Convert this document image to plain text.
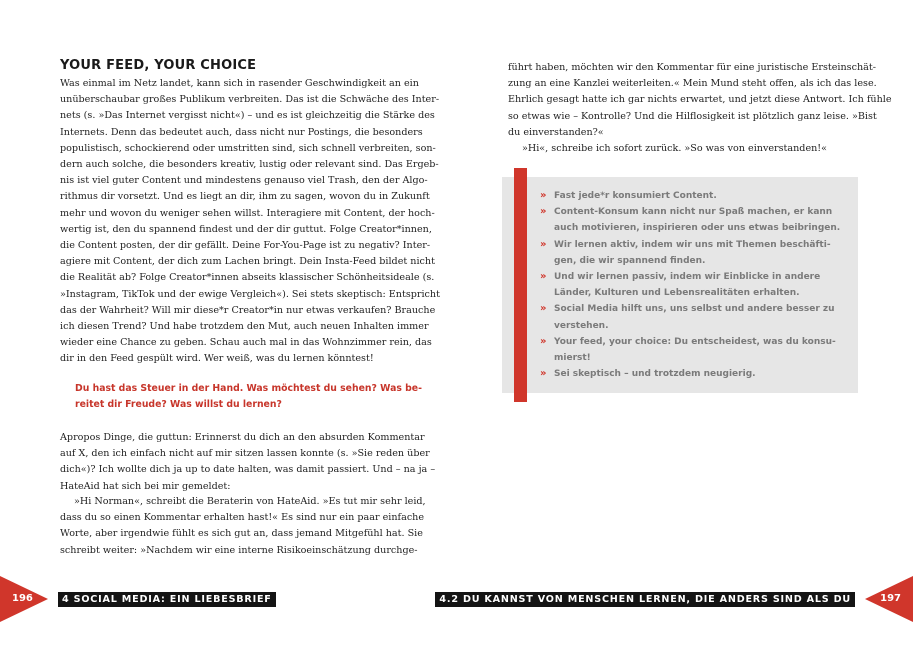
YOUR FEED, YOUR CHOICE

Was einmal im Netz landet, kann sich in rasender Geschwindigkeit an ein
unüberschaubar großes Publikum verbreiten. Das ist die Schwäche des Inter-
nets (s. »Das Internet vergisst nicht«) – und es ist gleichzeitig die Stärke des
Internets. Denn das bedeutet auch, dass nicht nur Postings, die besonders
populistisch, schockierend oder umstritten sind, sich schnell verbreiten, son-
dern auch solche, die besonders kreativ, lustig oder relevant sind. Das Ergeb-
nis ist viel guter Content und mindestens genauso viel Trash, den der Algo-
rithmus dir vorsetzt. Und es liegt an dir, ihm zu sagen, wovon du in Zukunft
mehr und wovon du weniger sehen willst. Interagiere mit Content, der hoch-
wertig ist, den du spannend findest und der dir guttut. Folge Creator*innen,
die Content posten, der dir gefällt. Deine For-You-Page ist zu negativ? Inter-
agiere mit Content, der dich zum Lachen bringt. Dein Insta-Feed bildet nicht
die Realität ab? Folge Creator*innen abseits klassischer Schönheitsideale (s.
»Instagram, TikTok und der ewige Vergleich«). Sei stets skeptisch: Entspricht
das der Wahrheit? Will mir diese*r Creator*in nur etwas verkaufen? Brauche
ich diesen Trend? Und habe trotzdem den Mut, auch neuen Inhalten immer
wieder eine Chance zu geben. Schau auch mal in das Wohnzimmer rein, das
dir in den Feed gespült wird. Wer weiß, was du lernen könntest!

Du hast das Steuer in der Hand. Was möchtest du sehen? Was be-
reitet dir Freude? Was willst du lernen?

Apropos Dinge, die guttun: Erinnerst du dich an den absurden Kommentar
auf X, den ich einfach nicht auf mir sitzen lassen konnte (s. »Sie reden über
dich«)? Ich wollte dich ja up to date halten, was damit passiert. Und – na ja –
HateAid hat sich bei mir gemeldet:

»Hi Norman«, schreibt die Beraterin von HateAid. »Es tut mir sehr leid,
dass du so einen Kommentar erhalten hast!« Es sind nur ein paar einfache
Worte, aber irgendwie fühlt es sich gut an, dass jemand Mitgefühl hat. Sie
schreibt weiter: »Nachdem wir eine interne Risikoeinschätzung durchge-

196	4 SOCIAL MEDIA: EIN LIEBESBRIEF

führt haben, möchten wir den Kommentar für eine juristische Ersteinschät-
zung an eine Kanzlei weiterleiten.« Mein Mund steht offen, als ich das lese.
Ehrlich gesagt hatte ich gar nichts erwartet, und jetzt diese Antwort. Ich fühle
so etwas wie – Kontrolle? Und die Hilflosigkeit ist plötzlich ganz leise. »Bist
du einverstanden?«

»Hi«, schreibe ich sofort zurück. »So was von einverstanden!«

» Fast jede*r konsumiert Content.
» Content-Konsum kann nicht nur Spaß machen, er kann
auch motivieren, inspirieren oder uns etwas beibringen.
» Wir lernen aktiv, indem wir uns mit Themen beschäfti-
gen, die wir spannend finden.
» Und wir lernen passiv, indem wir Einblicke in andere
Länder, Kulturen und Lebensrealitäten erhalten.
» Social Media hilft uns, uns selbst und andere besser zu
verstehen.
» Your feed, your choice: Du entscheidest, was du konsu-
mierst!
» Sei skeptisch – und trotzdem neugierig.
4.2 DU KANNST VON MENSCHEN LERNEN, DIE ANDERS SIND ALS DU	197
